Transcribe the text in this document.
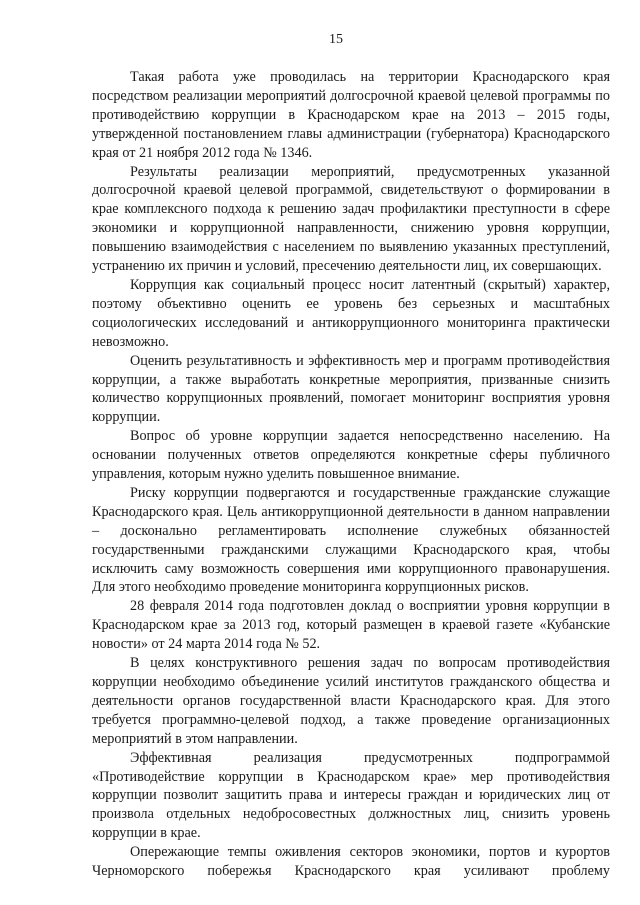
15

Такая работа уже проводилась на территории Краснодарского края посредством реализации мероприятий долгосрочной краевой целевой программы по противодействию коррупции в Краснодарском крае на 2013 – 2015 годы, утвержденной постановлением главы администрации (губернатора) Краснодарского края от 21 ноября 2012 года № 1346.

Результаты реализации мероприятий, предусмотренных указанной долгосрочной краевой целевой программой, свидетельствуют о формировании в крае комплексного подхода к решению задач профилактики преступности в сфере экономики и коррупционной направленности, снижению уровня коррупции, повышению взаимодействия с населением по выявлению указанных преступлений, устранению их причин и условий, пресечению деятельности лиц, их совершающих.

Коррупция как социальный процесс носит латентный (скрытый) характер, поэтому объективно оценить ее уровень без серьезных и масштабных социологических исследований и антикоррупционного мониторинга практически невозможно.

Оценить результативность и эффективность мер и программ противодействия коррупции, а также выработать конкретные мероприятия, призванные снизить количество коррупционных проявлений, помогает мониторинг восприятия уровня коррупции.

Вопрос об уровне коррупции задается непосредственно населению. На основании полученных ответов определяются конкретные сферы публичного управления, которым нужно уделить повышенное внимание.

Риску коррупции подвергаются и государственные гражданские служащие Краснодарского края. Цель антикоррупционной деятельности в данном направлении – досконально регламентировать исполнение служебных обязанностей государственными гражданскими служащими Краснодарского края, чтобы исключить саму возможность совершения ими коррупционного правонарушения. Для этого необходимо проведение мониторинга коррупционных рисков.

28 февраля 2014 года подготовлен доклад о восприятии уровня коррупции в Краснодарском крае за 2013 год, который размещен в краевой газете «Кубанские новости» от 24 марта 2014 года № 52.

В целях конструктивного решения задач по вопросам противодействия коррупции необходимо объединение усилий институтов гражданского общества и деятельности органов государственной власти Краснодарского края. Для этого требуется программно-целевой подход, а также проведение организационных мероприятий в этом направлении.

Эффективная реализация предусмотренных подпрограммой «Противодействие коррупции в Краснодарском крае» мер противодействия коррупции позволит защитить права и интересы граждан и юридических лиц от произвола отдельных недобросовестных должностных лиц, снизить уровень коррупции в крае.

Опережающие темпы оживления секторов экономики, портов и курортов Черноморского побережья Краснодарского края усиливают проблему
